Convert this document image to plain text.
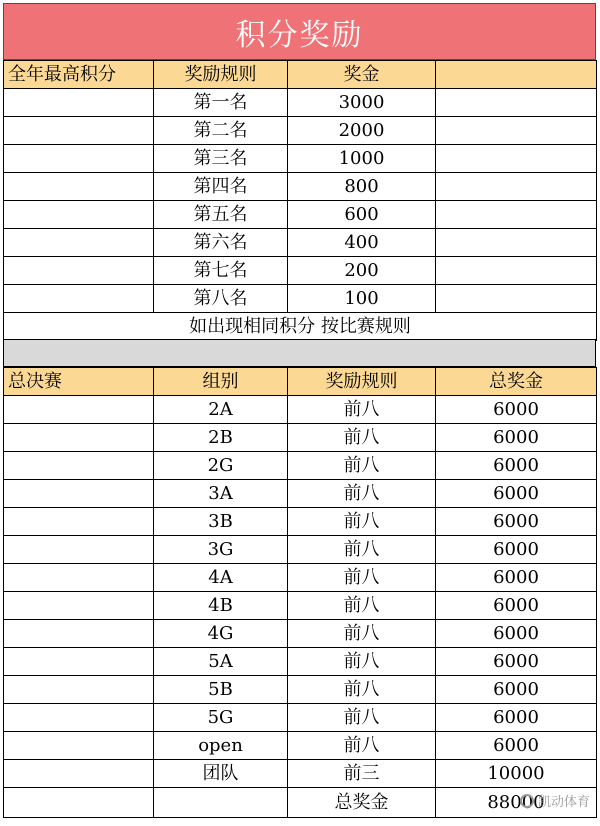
积分奖励
全年最高积分	奖励规则	奖金	
	第一名	3000	
	第二名	2000	
	第三名	1000	
	第四名	800	
	第五名	600	
	第六名	400	
	第七名	200	
	第八名	100	
如出现相同积分 按比赛规则			
总决赛	组别	奖励规则	总奖金
	2A	前八	6000
	2B	前八	6000
	2G	前八	6000
	3A	前八	6000
	3B	前八	6000
	3G	前八	6000
	4A	前八	6000
	4B	前八	6000
	4G	前八	6000
	5A	前八	6000
	5B	前八	6000
	5G	前八	6000
	open	前八	6000
	团队	前三	10000
		总奖金	88000
凯动体育
